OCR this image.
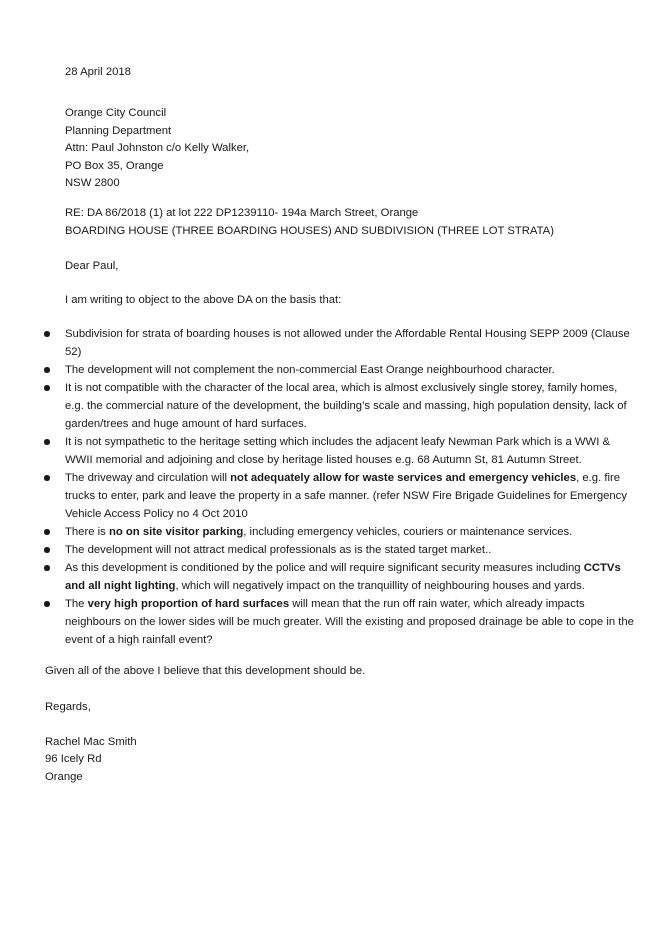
28 April 2018
Orange City Council
Planning Department
Attn: Paul Johnston c/o Kelly Walker,
PO Box 35, Orange
NSW 2800
RE: DA 86/2018 (1) at lot 222 DP1239110- 194a March Street, Orange
BOARDING HOUSE (THREE BOARDING HOUSES) AND SUBDIVISION (THREE LOT STRATA)
Dear Paul,
I am writing to object to the above DA on the basis that:
Subdivision for strata of boarding houses is not allowed under the Affordable Rental Housing SEPP 2009 (Clause 52)
The development will not complement the non-commercial East Orange neighbourhood character.
It is not compatible with the character of the local area, which is almost exclusively single storey, family homes, e.g. the commercial nature of the development, the building’s scale and massing, high population density, lack of garden/trees and huge amount of hard surfaces.
It is not sympathetic to the heritage setting which includes the adjacent leafy Newman Park which is a WWI & WWII memorial and adjoining and close by heritage listed houses e.g. 68 Autumn St, 81 Autumn Street.
The driveway and circulation will not adequately allow for waste services and emergency vehicles, e.g. fire trucks to enter, park and leave the property in a safe manner. (refer NSW Fire Brigade Guidelines for Emergency Vehicle Access Policy no 4 Oct 2010
There is no on site visitor parking, including emergency vehicles, couriers or maintenance services.
The development will not attract medical professionals as is the stated target market..
As this development is conditioned by the police and will require significant security measures including CCTVs and all night lighting, which will negatively impact on the tranquillity of neighbouring houses and yards.
The very high proportion of hard surfaces will mean that the run off rain water, which already impacts neighbours on the lower sides will be much greater. Will the existing and proposed drainage be able to cope in the event of a high rainfall event?
Given all of the above I believe that this development should be.
Regards,
Rachel Mac Smith
96 Icely Rd
Orange
